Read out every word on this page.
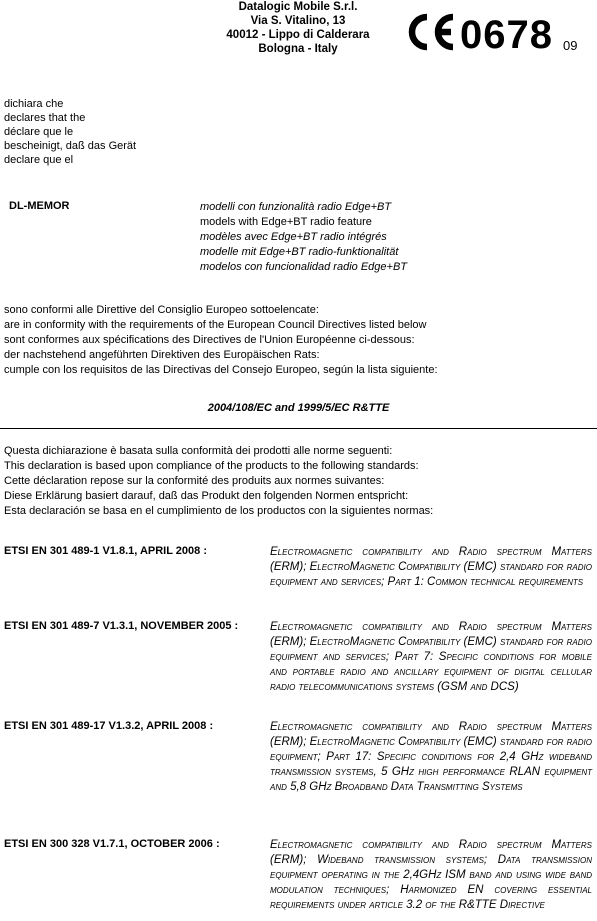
Datalogic Mobile S.r.l.
Via S. Vitalino, 13
40012 - Lippo di Calderara
Bologna - Italy	0678 09
dichiara che
declares that the
déclare que le
bescheinigt, daß das Gerät
declare que el
DL-MEMOR	modelli con funzionalità radio Edge+BT
models with Edge+BT radio feature
modèles avec Edge+BT radio intégrés
modelle mit Edge+BT radio-funktionalität
modelos con funcionalidad radio Edge+BT
sono conformi alle Direttive del Consiglio Europeo sottoelencate:
are in conformity with the requirements of the European Council Directives listed below
sont conformes aux spécifications des Directives de l'Union Européenne ci-dessous:
der nachstehend angeführten Direktiven des Europäischen Rats:
cumple con los requisitos de las Directivas del Consejo Europeo, según la lista siguiente:
2004/108/EC and 1999/5/EC R&TTE
Questa dichiarazione è basata sulla conformità dei prodotti alle norme seguenti:
This declaration is based upon compliance of the products to the following standards:
Cette déclaration repose sur la conformité des produits aux normes suivantes:
Diese Erklärung basiert darauf, daß das Produkt den folgenden Normen entspricht:
Esta declaración se basa en el cumplimiento de los productos con la siguientes normas:
ETSI EN 301 489-1 V1.8.1, APRIL 2008 :	Electromagnetic compatibility and Radio spectrum Matters (ERM); ElectroMagnetic Compatibility (EMC) standard for radio equipment and services; Part 1: Common technical requirements
ETSI EN 301 489-7 V1.3.1, NOVEMBER 2005 :	Electromagnetic compatibility and Radio spectrum Matters (ERM); ElectroMagnetic Compatibility (EMC) standard for radio equipment and services; Part 7: Specific conditions for mobile and portable radio and ancillary equipment of digital cellular radio telecommunications systems (GSM and DCS)
ETSI EN 301 489-17 V1.3.2, APRIL 2008 :	Electromagnetic compatibility and Radio spectrum Matters (ERM); ElectroMagnetic Compatibility (EMC) standard for radio equipment; Part 17: Specific conditions for 2,4 GHz wideband transmission systems, 5 GHz high performance RLAN equipment and 5,8 GHz Broadband Data Transmitting Systems
ETSI EN 300 328 V1.7.1, OCTOBER 2006 :	Electromagnetic compatibility and Radio spectrum Matters (ERM); Wideband transmission systems; Data transmission equipment operating in the 2,4GHz ISM band and using wide band modulation techniques; Harmonized EN covering essential requirements under article 3.2 of the R&TTE Directive
